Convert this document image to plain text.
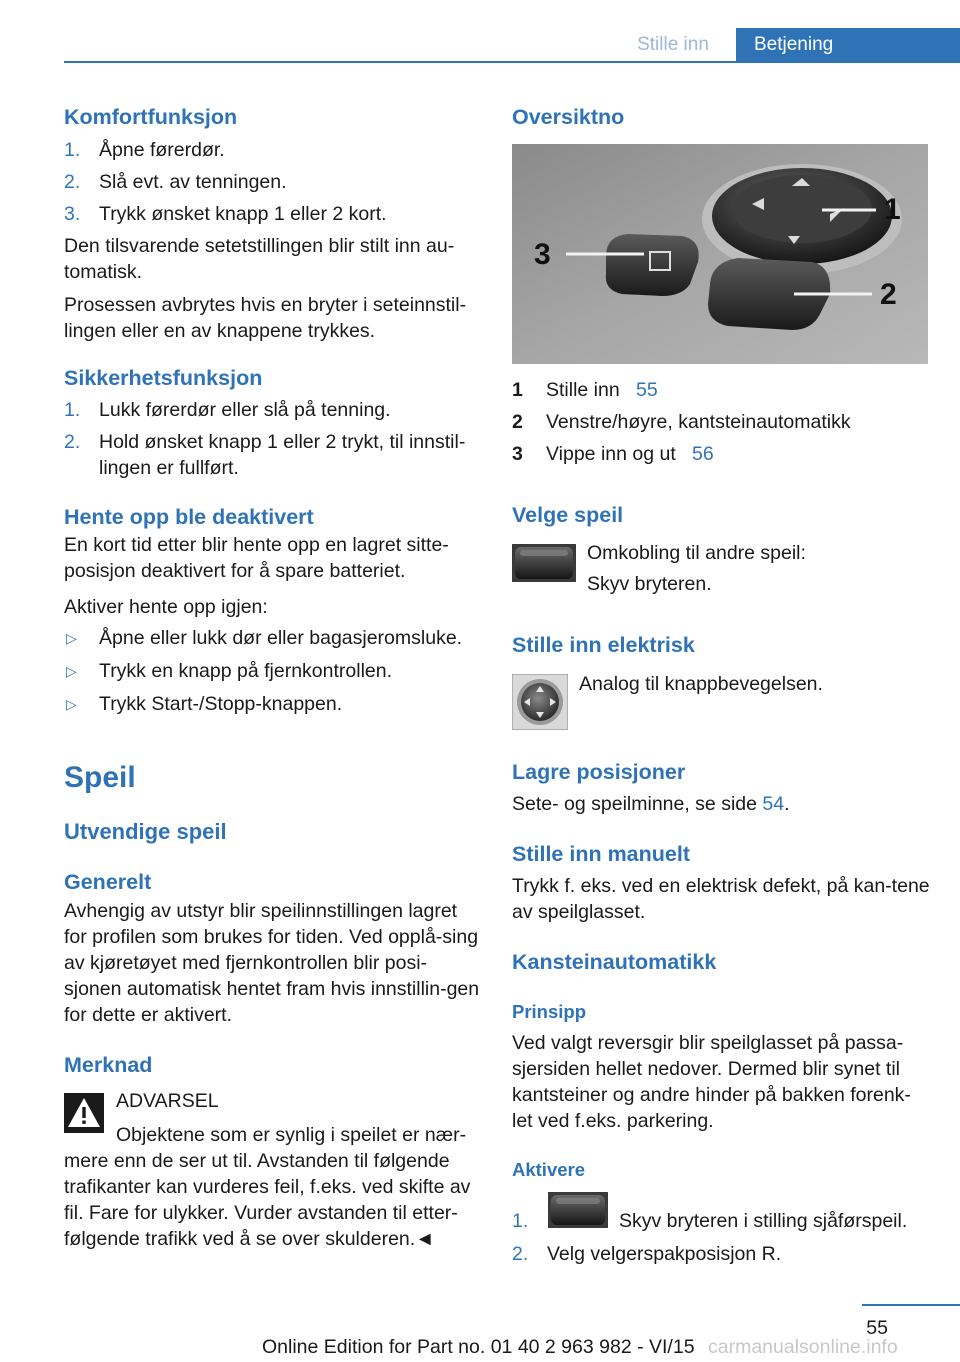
Stille inn	Betjening
Komfortfunksjon
1. Åpne førerdør.
2. Slå evt. av tenningen.
3. Trykk ønsket knapp 1 eller 2 kort.

Den tilsvarende setetstillingen blir stilt inn au‐tomatisk.

Prosessen avbrytes hvis en bryter i seteinnstil‐lingen eller en av knappene trykkes.

Sikkerhetsfunksjon
1. Lukk førerdør eller slå på tenning.
2. Hold ønsket knapp 1 eller 2 trykt, til innstil‐lingen er fullført.
Hente opp ble deaktivert

En kort tid etter blir hente opp en lagret sitte‐posisjon deaktivert for å spare batteriet.

Aktiver hente opp igjen:

▷ Åpne eller lukk dør eller bagasjeromsluke.
▷ Trykk en knapp på fjernkontrollen.
▷ Trykk Start-/Stopp-knappen.
Speil
Utvendige speil
Generelt

Avhengig av utstyr blir speilinnstillingen lagret for profilen som brukes for tiden. Ved opplå‐sing av kjøretøyet med fjernkontrollen blir posi‐sjonen automatisk hentet fram hvis innstillin‐gen for dette er aktivert.

Merknad
ADVARSEL
Objektene som er synlig i speilet er nær‐

mere enn de ser ut til. Avstanden til følgende trafikanter kan vurderes feil, f.eks. ved skifte av fil. Fare for ulykker. Vurder avstanden til etter‐følgende trafikk ved å se over skulderen.◄

Oversiktno
1
2
3
1 Stille inn 55
2 Venstre/høyre, kantsteinautomatikk
3 Vippe inn og ut 56
Velge speil
Omkobling til andre speil:
Skyv bryteren.
Stille inn elektrisk
Analog til knappbevegelsen.
Lagre posisjoner

Sete- og speilminne, se side 54.

Stille inn manuelt

Trykk f. eks. ved en elektrisk defekt, på kan‐tene av speilglasset.

Kansteinautomatikk
Prinsipp

Ved valgt reversgir blir speilglasset på passa‐sjersiden hellet nedover. Dermed blir synet til kantsteiner og andre hinder på bakken forenk‐let ved f.eks. parkering.

Aktivere
1.	Skyv bryteren i stilling sjåførspeil.
2. Velg velgerspakposisjon R.
55
Online Edition for Part no. 01 40 2 963 982 - VI/15 carmanualsonline.info
